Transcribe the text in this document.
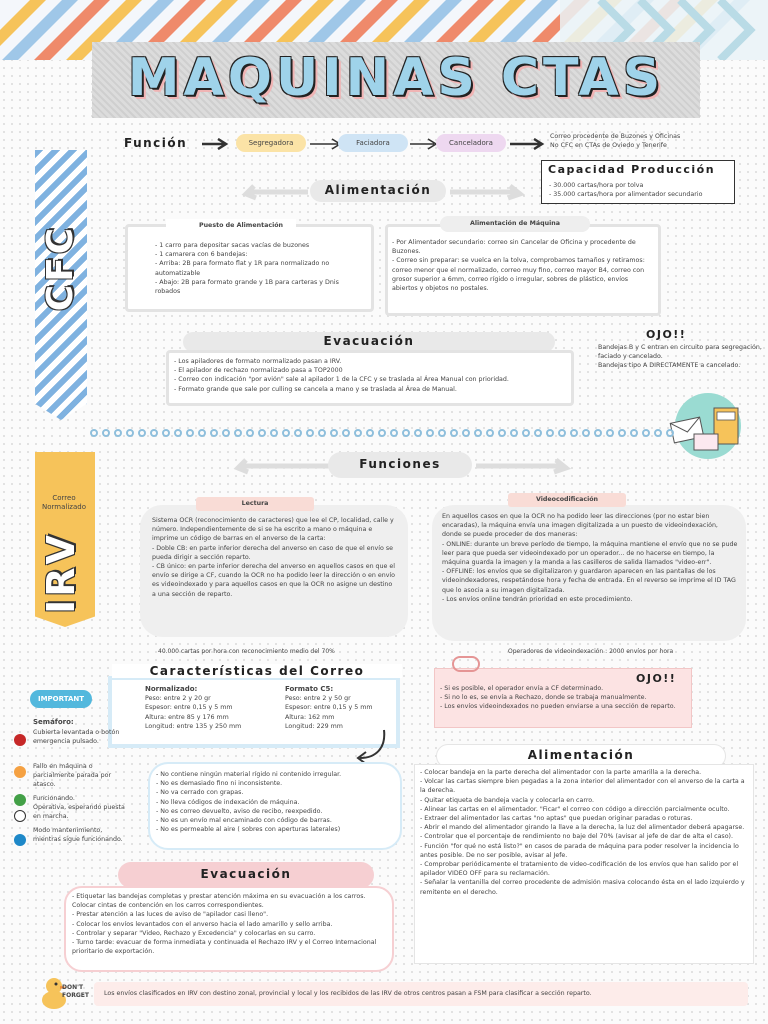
MAQUINAS CTAS
CFC
Función	Segregadora	Faciadora	Canceladora

Correo procedente de Buzones y Oficinas

No CFC en CTAs de Oviedo y Tenerife

Capacidad Producción

- 30.000 cartas/hora por tolva

- 35.000 cartas/hora por alimentador secundario

Alimentación
Puesto de Alimentación

- 1 carro para depositar sacas vacías de buzones

- 1 camarera con 6 bandejas:

- Arriba: 2B para formato flat y 1R para normalizado no automatizable

- Abajo: 2B para formato grande y 1B para carteras y Dnis robados

Alimentación de Máquina

- Por Alimentador secundario: correo sin Cancelar de Oficina y procedente de Buzones.

- Correo sin preparar: se vuelca en la tolva, comprobamos tamaños y retiramos:

correo menor que el normalizado, correo muy fino, correo mayor B4, correo con grosor superior a 6mm, correo rígido o irregular, sobres de plástico, envíos abiertos y objetos no postales.

Evacuación

- Los apiladores de formato normalizado pasan a IRV.

- El apilador de rechazo normalizado pasa a TOP2000

- Correo con indicación "por avión" sale al apilador 1 de la CFC y se traslada al Área Manual con prioridad.

- Formato grande que sale por culling se cancela a mano y se traslada al Área de Manual.

OJO!!

Bandejas B y C entran en circuito para segregación, faciado y cancelado.

Bandejas tipo A DIRECTAMENTE a cancelado.

Correo

Normalizado

IRV
Funciones
Lectura

Sistema OCR (reconocimiento de caracteres) que lee el CP, localidad, calle y número. Independientemente de si se ha escrito a mano o máquina e imprime un código de barras en el anverso de la carta:

- Doble CB: en parte inferior derecha del anverso en caso de que el envío se pueda dirigir a sección reparto.

- CB único: en parte inferior derecha del anverso en aquellos casos en que el envío se dirige a CF, cuando la OCR no ha podido leer la dirección o en envío es videoindexado y para aquellos casos en que la OCR no asigne un destino a una sección de reparto.

40.000 cartas por hora con reconocimiento medio del 70%
Videocodificación

En aquellos casos en que la OCR no ha podido leer las direcciones (por no estar bien encaradas), la máquina envía una imagen digitalizada a un puesto de videoindexación, donde se puede proceder de dos maneras:

- ONLINE: durante un breve período de tiempo, la máquina mantiene el envío que no se pude leer para que pueda ser videoindexado por un operador... de no hacerse en tiempo, la máquina guarda la imagen y la manda a las casilleros de salida llamados "video-err".

- OFFLINE: los envíos que se digitalizaron y guardaron aparecen en las pantallas de los videoindexadores, respetándose hora y fecha de entrada. En el reverso se imprime el ID TAG que lo asocia a su imagen digitalizada.

- Los envíos online tendrán prioridad en este procedimiento.

Operadores de videoindexación : 2000 envíos por hora
Características del Correo

Normalizado:

Peso: entre 2 y 20 gr

Espesor: entre 0,15 y 5 mm

Altura: entre 85 y 176 mm

Longitud: entre 135 y 250 mm

Formato C5:

Peso: entre 2 y 50 gr

Espesor: entre 0,15 y 5 mm

Altura: 162 mm

Longitud: 229 mm

- No contiene ningún material rígido ni contenido irregular.

- No es demasiado fino ni inconsistente.

- No va cerrado con grapas.

- No lleva códigos de indexación de máquina.

- No es correo devuelto, aviso de recibo, reexpedido.

- No es un envío mal encaminado con código de barras.

- No es permeable al aire ( sobres con aperturas laterales)

IMPORTANT
Semáforo:
Cubierta levantada o botón emergencia pulsado.
Fallo en máquina o parcialmente parada por atasco.
Funcionando.
Operativa, esperando puesta en marcha.
Modo mantenimiento, mientras sigue funcionando.
OJO!!

- Si es posible, el operador envía a CF determinado.

- Si no lo es, se envía a Rechazo, donde se trabaja manualmente.

- Los envíos videoindexados no pueden enviarse a una sección de reparto.

Alimentación

- Colocar bandeja en la parte derecha del alimentador con la parte amarilla a la derecha.

- Volcar las cartas siempre bien pegadas a la zona interior del alimentador con el anverso de la carta a la derecha.

- Quitar etiqueta de bandeja vacía y colocarla en carro.

- Alinear las cartas en el alimentador. "Ficar" el correo con código a dirección parcialmente oculto.

- Extraer del alimentador las cartas "no aptas" que puedan originar paradas o roturas.

- Abrir el mando del alimentador girando la llave a la derecha, la luz del alimentador deberá apagarse.

- Controlar que el porcentaje de rendimiento no baje del 70% (avisar al jefe de dar de alta el caso).

- Función "for qué no está listo?" en casos de parada de máquina para poder resolver la incidencia lo antes posible. De no ser posible, avisar al Jefe.

- Comprobar periódicamente el tratamiento de video-codificación de los envíos que han salido por el apilador VIDEO OFF para su reclamación.

- Señalar la ventanilla del correo procedente de admisión masiva colocando ésta en el lado izquierdo y remitente en el derecho.

Evacuación

- Etiquetar las bandejas completas y prestar atención máxima en su evacuación a los carros. Colocar cintas de contención en los carros correspondientes.

- Prestar atención a las luces de aviso de "apilador casi lleno".

- Colocar los envíos levantados con el anverso hacia el lado amarillo y sello arriba.

- Controlar y separar "Video, Rechazo y Excedencia" y colocarlas en su carro.

- Turno tarde: evacuar de forma inmediata y continuada el Rechazo IRV y el Correo Internacional prioritario de exportación.

DON'T

FORGET	Los envíos clasificados en IRV con destino zonal, provincial y local y los recibidos de las IRV de otros centros pasan a FSM para clasificar a sección reparto.
